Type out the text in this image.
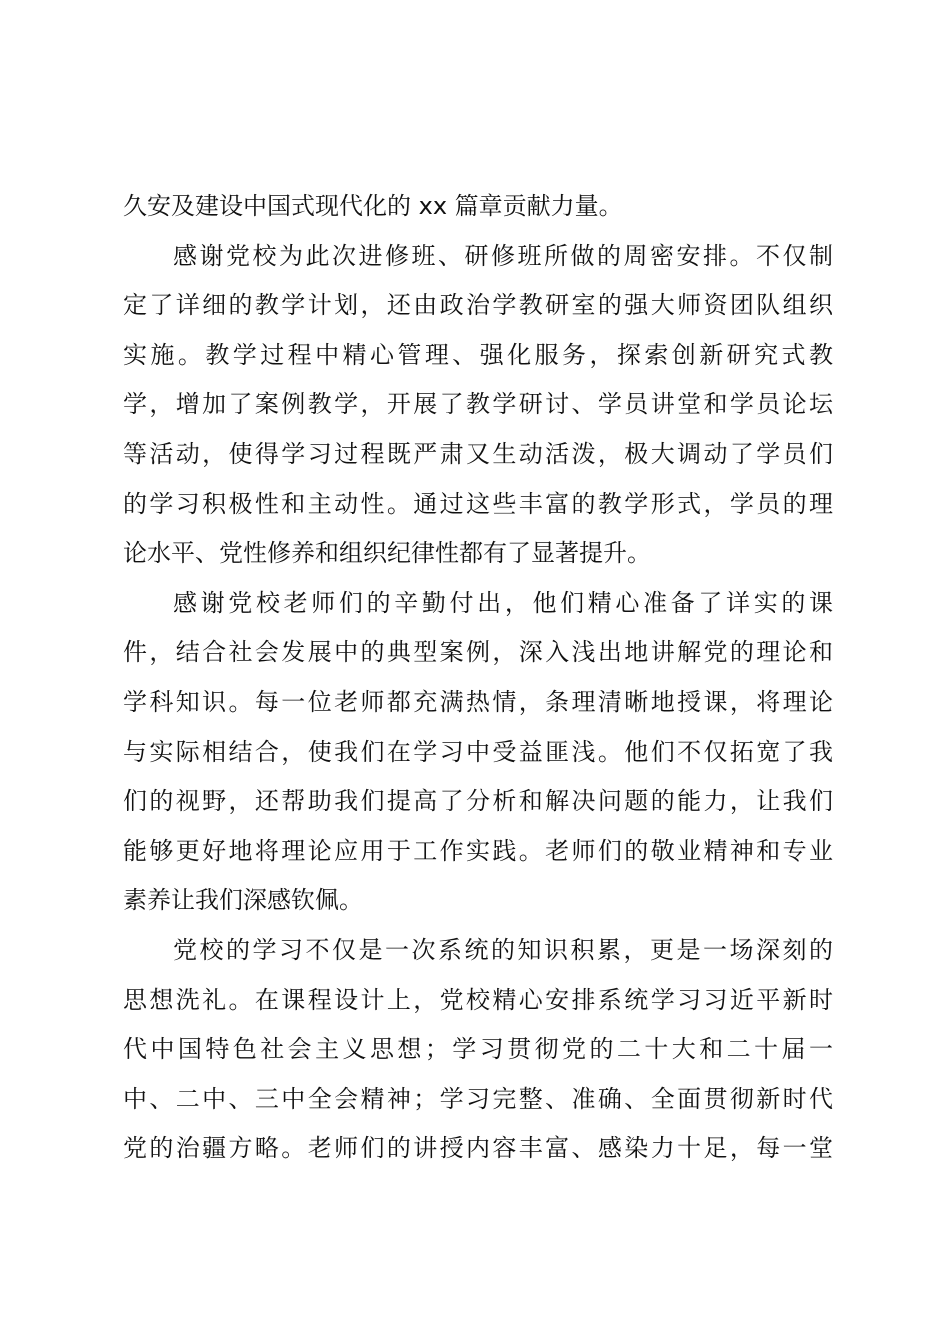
久安及建设中国式现代化的 xx 篇章贡献力量。
感谢党校为此次进修班、研修班所做的周密安排。不仅制
定了详细的教学计划，还由政治学教研室的强大师资团队组织
实施。教学过程中精心管理、强化服务，探索创新研究式教
学，增加了案例教学，开展了教学研讨、学员讲堂和学员论坛
等活动，使得学习过程既严肃又生动活泼，极大调动了学员们
的学习积极性和主动性。通过这些丰富的教学形式，学员的理
论水平、党性修养和组织纪律性都有了显著提升。
感谢党校老师们的辛勤付出，他们精心准备了详实的课
件，结合社会发展中的典型案例，深入浅出地讲解党的理论和
学科知识。每一位老师都充满热情，条理清晰地授课，将理论
与实际相结合，使我们在学习中受益匪浅。他们不仅拓宽了我
们的视野，还帮助我们提高了分析和解决问题的能力，让我们
能够更好地将理论应用于工作实践。老师们的敬业精神和专业
素养让我们深感钦佩。
党校的学习不仅是一次系统的知识积累，更是一场深刻的
思想洗礼。在课程设计上，党校精心安排系统学习习近平新时
代中国特色社会主义思想；学习贯彻党的二十大和二十届一
中、二中、三中全会精神；学习完整、准确、全面贯彻新时代
党的治疆方略。老师们的讲授内容丰富、感染力十足，每一堂
